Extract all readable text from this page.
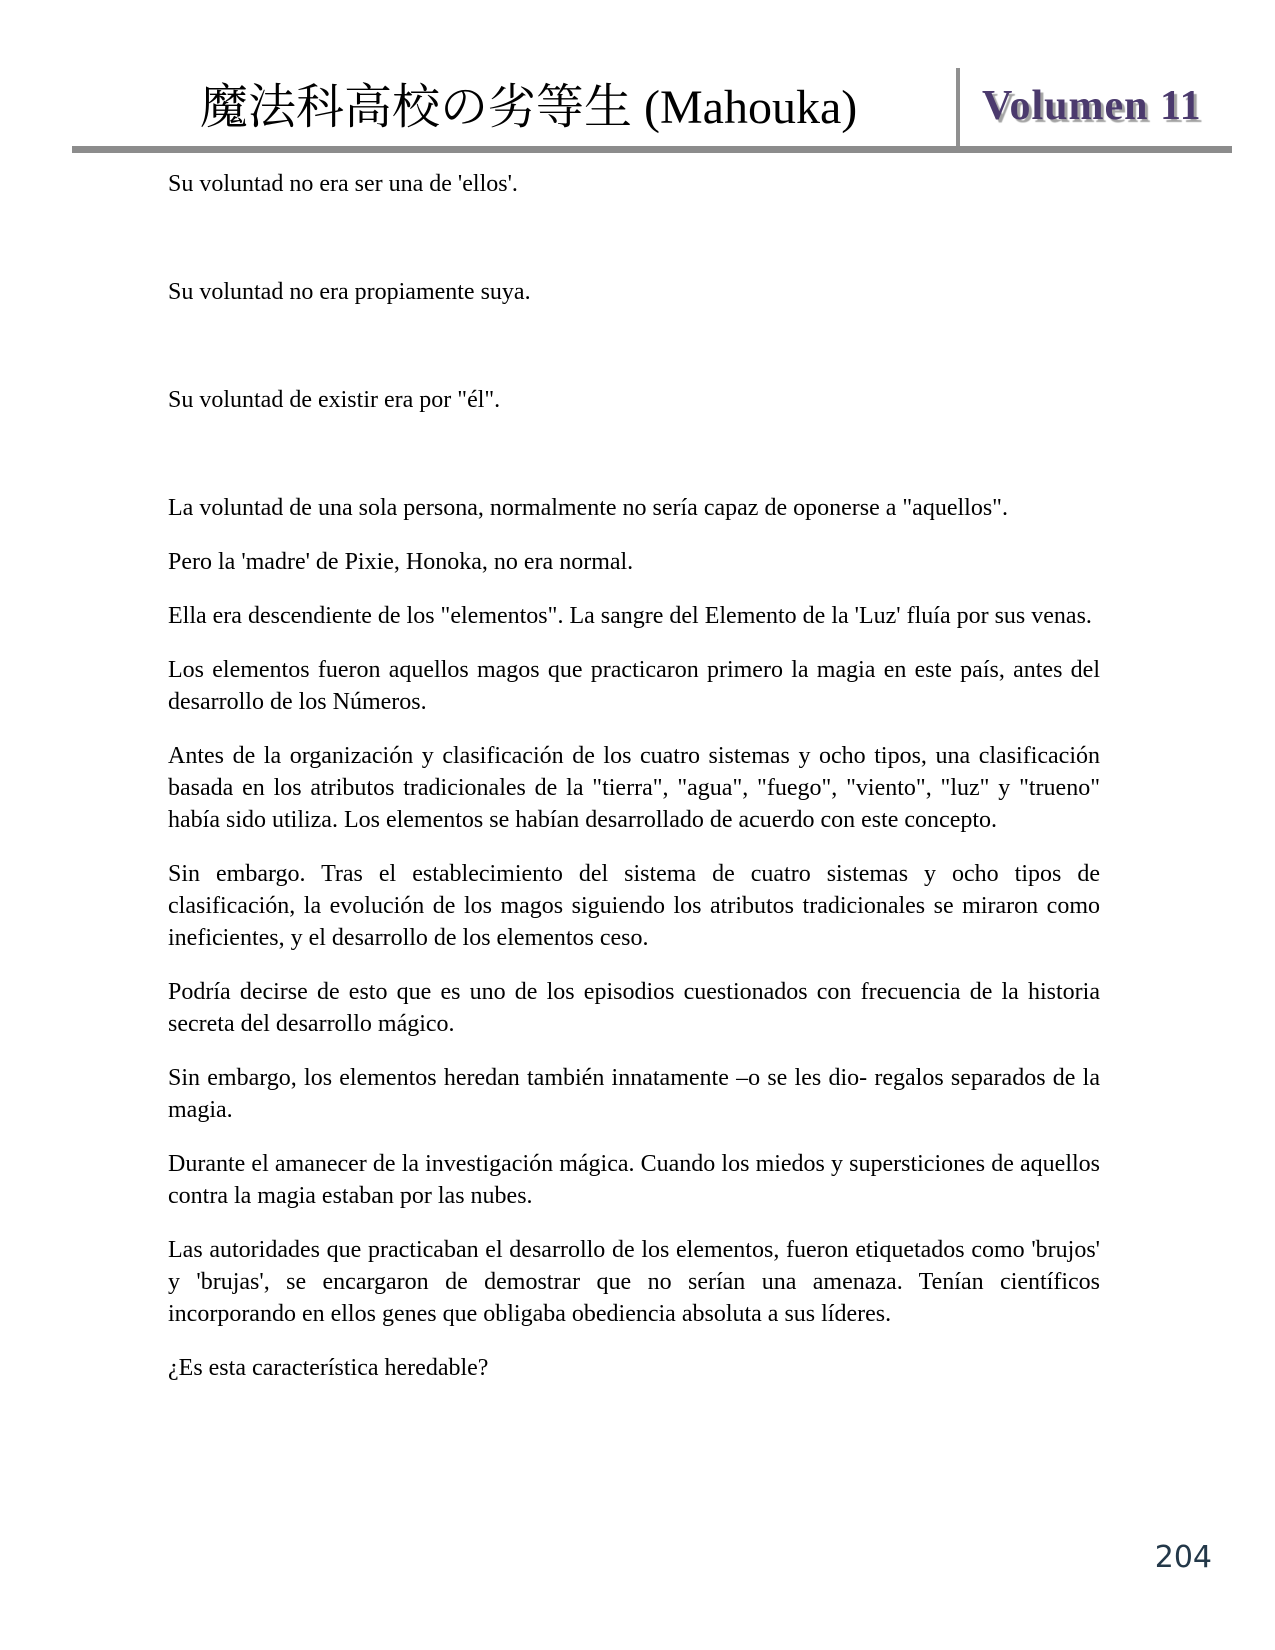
魔法科高校の劣等生 (Mahouka)	Volumen 11

Su voluntad no era ser una de 'ellos'.

Su voluntad no era propiamente suya.

Su voluntad de existir era por "él".

La voluntad de una sola persona, normalmente no sería capaz de oponerse a "aquellos".

Pero la 'madre' de Pixie, Honoka, no era normal.

Ella era descendiente de los "elementos". La sangre del Elemento de la 'Luz' fluía por sus venas.

Los elementos fueron aquellos magos que practicaron primero la magia en este país, antes del desarrollo de los Números.

Antes de la organización y clasificación de los cuatro sistemas y ocho tipos, una clasificación basada en los atributos tradicionales de la "tierra", "agua", "fuego", "viento", "luz" y "trueno" había sido utiliza. Los elementos se habían desarrollado de acuerdo con este concepto.

Sin embargo. Tras el establecimiento del sistema de cuatro sistemas y ocho tipos de clasificación, la evolución de los magos siguiendo los atributos tradicionales se miraron como ineficientes, y el desarrollo de los elementos ceso.

Podría decirse de esto que es uno de los episodios cuestionados con frecuencia de la historia secreta del desarrollo mágico.

Sin embargo, los elementos heredan también innatamente –o se les dio- regalos separados de la magia.

Durante el amanecer de la investigación mágica. Cuando los miedos y supersticiones de aquellos contra la magia estaban por las nubes.

Las autoridades que practicaban el desarrollo de los elementos, fueron etiquetados como 'brujos' y 'brujas', se encargaron de demostrar que no serían una amenaza. Tenían científicos incorporando en ellos genes que obligaba obediencia absoluta a sus líderes.

¿Es esta característica heredable?

204
